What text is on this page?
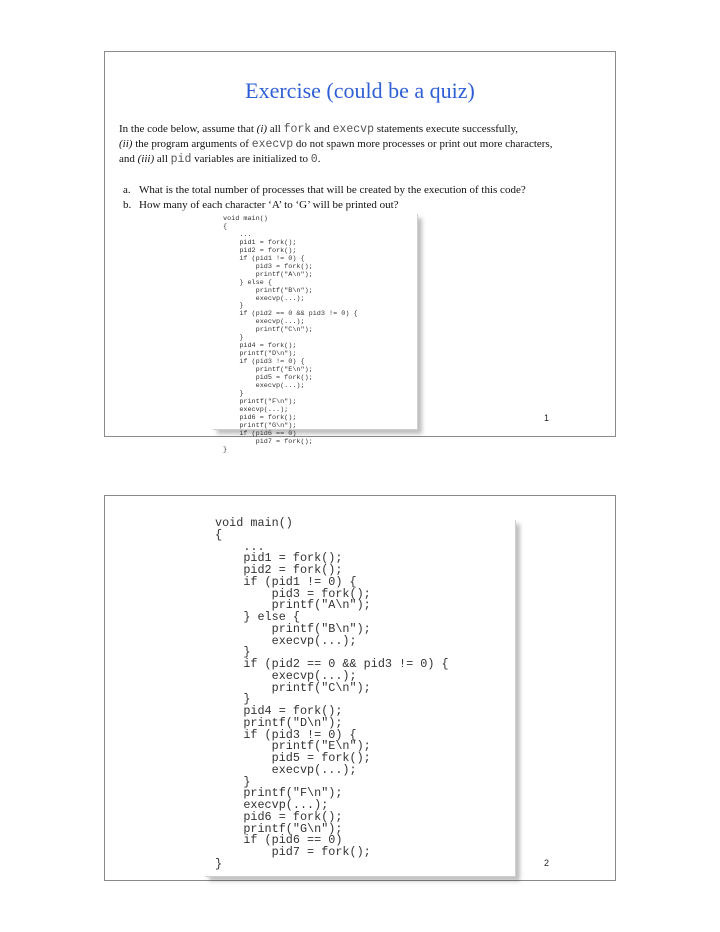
Exercise (could be a quiz)
In the code below, assume that (i) all fork and execvp statements execute successfully,
(ii) the program arguments of execvp do not spawn more processes or print out more characters,
and (iii) all pid variables are initialized to 0.
a. What is the total number of processes that will be created by the execution of this code?
b. How many of each character ‘A’ to ‘G’ will be printed out?
void main()
{
...
pid1 = fork();
pid2 = fork();
if (pid1 != 0) {
pid3 = fork();
printf("A\n");
} else {
printf("B\n");
execvp(...);
}
if (pid2 == 0 && pid3 != 0) {
execvp(...);
printf("C\n");
}
pid4 = fork();
printf("D\n");
if (pid3 != 0) {
printf("E\n");
pid5 = fork();
execvp(...);
}
printf("F\n");
execvp(...);
pid6 = fork();
printf("G\n");
if (pid6 == 0)
pid7 = fork();
}
1
void main()
{
...
pid1 = fork();
pid2 = fork();
if (pid1 != 0) {
pid3 = fork();
printf("A\n");
} else {
printf("B\n");
execvp(...);
}
if (pid2 == 0 && pid3 != 0) {
execvp(...);
printf("C\n");
}
pid4 = fork();
printf("D\n");
if (pid3 != 0) {
printf("E\n");
pid5 = fork();
execvp(...);
}
printf("F\n");
execvp(...);
pid6 = fork();
printf("G\n");
if (pid6 == 0)
pid7 = fork();
}	2
